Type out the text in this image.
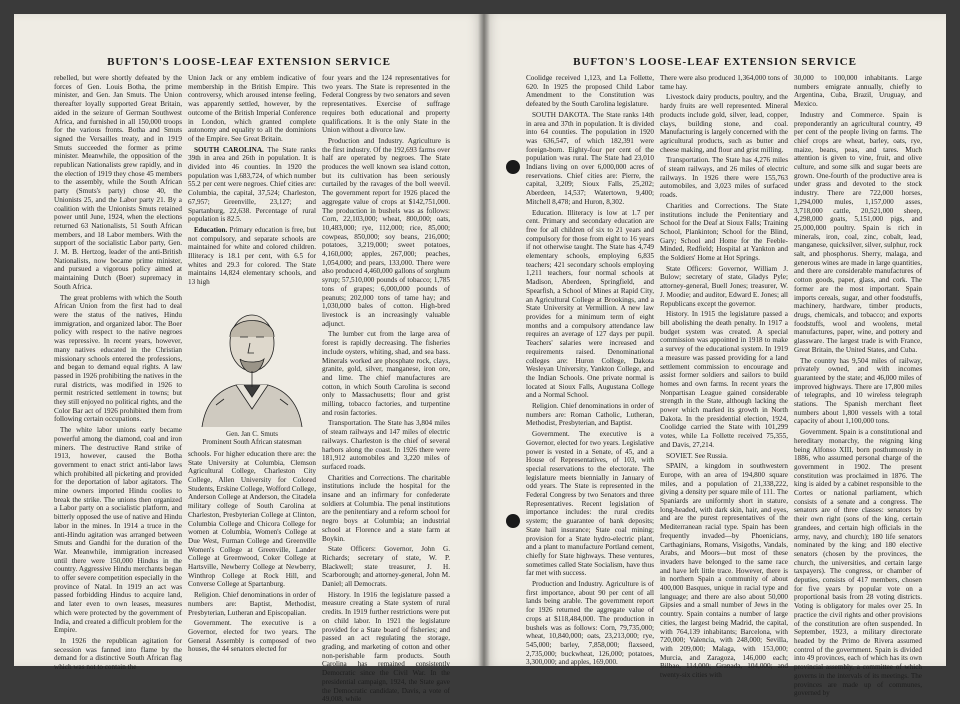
BUFTON'S LOOSE-LEAF EXTENSION SERVICE

rebelled, but were shortly defeated by the forces of Gen. Louis Botha, the prime minister, and Gen. Jan Smuts. The Union thereafter loyally supported Great Britain, aided in the seizure of German Southwest Africa, and furnished in all 150,000 troops for the various fronts. Botha and Smuts signed the Versailles treaty, and in 1919 Smuts succeeded the former as prime minister. Meanwhile, the opposition of the republican Nationalists grew rapidly, and in the election of 1919 they chose 45 members to the assembly, while the South African party (Smuts's party) chose 40, the Unionists 25, and the Labor party 21. By a coalition with the Unionists Smuts retained power until June, 1924, when the elections returned 63 Nationalists, 51 South African members, and 18 Labor members. With the support of the socialistic Labor party, Gen. J. M. B. Hertzog, leader of the anti-British Nationalists, now became prime minister, and pursued a vigorous policy aimed at maintaining Dutch (Boer) supremacy in South Africa.

The great problems with which the South African Union from the first had to deal were the status of the natives, Hindu immigration, and organized labor. The Boer policy with respect to the native negroes was repressive. In recent years, however, many natives educated in the Christian missionary schools entered the professions, and began to demand equal rights. A law passed in 1926 prohibiting the natives in the rural districts, was modified in 1926 to permit restricted settlement in towns; but they still enjoyed no political rights, and the Color Bar act of 1926 prohibited them from following certain occupations.

The white labor unions early became powerful among the diamond, coal and iron miners. The destructive Rand strike of 1913, however, caused the Botha government to enact strict anti-labor laws which prohibited all picketing and provided for the deportation of labor agitators. The mine owners imported Hindu coolies to break the strike. The unions then organized a Labor party on a socialistic platform, and bitterly opposed the use of native and Hindu labor in the mines. In 1914 a truce in the anti-Hindu agitation was arranged between Smuts and Gandhi for the duration of the War. Meanwhile, immigration increased until there were 150,000 Hindus in the country. Aggressive Hindu merchants began to offer severe competition especially in the province of Natal. In 1919 an act was passed forbidding Hindus to acquire land, and later even to own leases, measures which were protected by the government of India, and created a difficult problem for the Empire.

In 1926 the republican agitation for secession was fanned into flame by the demand for a distinctive South African flag which was not to contain the

Union Jack or any emblem indicative of membership in the British Empire. This controversy, which aroused intense feeling, was apparently settled, however, by the outcome of the British Imperial Conference in London, which granted complete autonomy and equality to all the dominions of the Empire. See Great Britain.

SOUTH CAROLINA. The State ranks 39th in area and 26th in population. It is divided into 46 counties. In 1920 the population was 1,683,724, of which number 55.2 per cent were negroes. Chief cities are: Columbia, the capital, 37,524; Charleston, 67,957; Greenville, 23,127; and Spartanburg, 22,638. Percentage of rural population is 82.5.

Education. Primary education is free, but not compulsory, and separate schools are maintained for white and colored children. Illiteracy is 18.1 per cent, with 6.5 for whites and 29.3 for colored. The State maintains 14,824 elementary schools, and 13 high

Gen. Jan C. Smuts
Prominent South African statesman

schools. For higher education there are: the State University at Columbia, Clemson Agricultural College, Charleston City College, Allen University for Colored Students, Erskine College, Wofford College, Anderson College at Anderson, the Citadela military college of South Carolina at Charleston, Presbyterian College at Clinton, Columbia College and Chicora College for women at Columbia, Women's College at Due West, Furman College and Greenville Women's College at Greenville, Lander College at Greenwood, Coker College at Hartsville, Newberry College at Newberry, Winthrop College at Rock Hill, and Converse College at Spartanburg.

Religion. Chief denominations in order of numbers are: Baptist, Methodist, Presbyterian, Lutheran and Episcopalian.

Government. The executive is a Governor, elected for two years. The General Assembly is composed of two houses, the 44 senators elected for

four years and the 124 representatives for two years. The State is represented in the Federal Congress by two senators and seven representatives. Exercise of suffrage requires both educational and property qualifications. It is the only State in the Union without a divorce law.

Production and Industry. Agriculture is the first industry. Of the 192,693 farms over half are operated by negroes. The State produces the well known sea island cotton, but its cultivation has been seriously curtailed by the ravages of the boll weevil. The government report for 1926 placed the aggregate value of crops at $142,751,000. The production in bushels was as follows: Corn, 22,103,000; wheat, 800,000; oats, 10,483,000; rye, 112,000; rice, 85,000; cowpeas, 850,000; soy beans, 216,000; potatoes, 3,219,000; sweet potatoes, 4,160,000; apples, 267,000; peaches, 1,054,000; and pears, 133,000. There were also produced 4,460,000 gallons of sorghum syrup; 57,510,000 pounds of tobacco; 1,785 tons of grapes; 6,000,000 pounds of peanuts; 202,000 tons of tame hay; and 1,030,000 bales of cotton. High-bred livestock is an increasingly valuable adjunct.

The lumber cut from the large area of forest is rapidly decreasing. The fisheries include oysters, whiting, shad, and sea bass. Minerals worked are phosphate rock, clays, granite, gold, silver, manganese, iron ore, and lime. The chief manufactures are cotton, in which South Carolina is second only to Massachusetts; flour and grist milling, tobacco factories, and turpentine and rosin factories.

Transportation. The State has 3,804 miles of steam railways and 147 miles of electric railways. Charleston is the chief of several harbors along the coast. In 1926 there were 181,912 automobiles and 3,220 miles of surfaced roads.

Charities and Corrections. The charitable institutions include the hospital for the insane and an infirmary for confederate soldiers at Columbia. The penal institutions are the penitentiary and a reform school for negro boys at Columbia; an industrial school at Florence and a state farm at Boykin.

State Officers: Governor, John G. Richards; secretary of state, W. P. Blackwell; state treasurer, J. H. Scarborough; and attorney-general, John M. Daniel; all Democrats.

History. In 1916 the legislature passed a measure creating a State system of rural credits. In 1919 further restrictions were put on child labor. In 1921 the legislature provided for a State board of fisheries; and passed an act regulating the storage, grading, and marketing of cotton and other non-perishable farm products. South Carolina has remained consistently Democratic since the Civil War. In the presidential campaign, 1924, the State gave the Democratic candidate, Davis, a vote of 49,008, while

BUFTON'S LOOSE-LEAF EXTENSION SERVICE

Coolidge received 1,123, and La Follette, 620. In 1925 the proposed Child Labor Amendment to the Constitution was defeated by the South Carolina legislature.

SOUTH DAKOTA. The State ranks 14th in area and 37th in population. It is divided into 64 counties. The population in 1920 was 636,547, of which 182,391 were foreign-born. Eighty-four per cent of the population was rural. The State had 23,010 Indians living on over 6,000,000 acres of reservations. Chief cities are: Pierre, the capital, 3,209; Sioux Falls, 25,202; Aberdeen, 14,537; Watertown, 9,400; Mitchell 8,478; and Huron, 8,302.

Education. Illiteracy is low at 1.7 per cent. Primary and secondary education are free for all children of six to 21 years and compulsory for those from eight to 16 years if not otherwise taught. The State has 4,749 elementary schools, employing 6,835 teachers; 421 secondary schools employing 1,211 teachers, four normal schools at Madison, Aberdeen, Springfield, and Spearfish, a School of Mines at Rapid City, an Agricultural College at Brookings, and a State University at Vermillion. A new law provides for a minimum term of eight months and a compulsory attendance law requires an average of 127 days per pupil. Teachers' salaries were increased and requirements raised. Denominational colleges are: Huron College, Dakota Wesleyan University, Yankton College, and the Indian Schools. One private normal is located at Sioux Falls, Augustana College and a Normal School.

Religion. Chief denominations in order of numbers are: Roman Catholic, Lutheran, Methodist, Presbyterian, and Baptist.

Government. The executive is a Governor, elected for two years. Legislative power is vested in a Senate, of 45, and a House of Representatives, of 103, with special reservations to the electorate. The legislature meets biennially in January of odd years. The State is represented in the Federal Congress by two Senators and three Representatives. Recent legislation of importance includes: the rural credits system; the guarantee of bank deposits; State hail insurance; State coal mining; provision for a State hydro-electric plant, and a plant to manufacture Portland cement, chiefly for State highways. These ventures, sometimes called State Socialism, have thus far met with success.

Production and Industry. Agriculture is of first importance, about 90 per cent of all lands being arable. The government report for 1926 returned the aggregate value of crops at $118,484,000. The production in bushels was as follows: Corn, 79,735,000; wheat, 10,840,000; oats, 23,213,000; rye, 545,000; barley, 7,858,000; flaxseed, 2,735,000; buckwheat, 126,000; potatoes, 3,300,000; and apples, 169,000.

There were also produced 1,364,000 tons of tame hay.

Livestock dairy products, poultry, and the hardy fruits are well represented. Mineral products include gold, silver, lead, copper, clays, building stone, and coal. Manufacturing is largely concerned with the agricultural products, such as butter and cheese making, and flour and grist milling.

Transportation. The State has 4,276 miles of steam railways, and 26 miles of electric railways. In 1926 there were 155,763 automobiles, and 3,023 miles of surfaced roads.

Charities and Corrections. The State institutions include the Penitentiary and School for the Deaf at Sioux Falls; Training School, Plankinton; School for the Blind, Gary; School and Home for the Feeble-Minded, Redfield; Hospital at Yankton and the Soldiers' Home at Hot Springs.

State Officers: Governor, William J. Bulow; secretary of state, Gladys Pyle; attorney-general, Buell Jones; treasurer, W. J. Moodie; and auditor, Edward E. Jones; all Republicans except the governor.

History. In 1915 the legislature passed a bill abolishing the death penalty. In 1917 a budget system was created. A special commission was appointed in 1918 to make a survey of the educational system. In 1919 a measure was passed providing for a land settlement commission to encourage and assist former soldiers and sailors to build homes and own farms. In recent years the Nonpartisan League gained considerable strength in the State, although lacking the power which marked its growth in North Dakota. In the presidential election, 1924, Coolidge carried the State with 101,299 votes, while La Follette received 75,355, and Davis, 27,214.

SOVIET. See Russia.

SPAIN, a kingdom in southwestern Europe, with an area of 194,800 square miles, and a population of 21,338,222, giving a density per square mile of 111. The Spaniards are uniformly short in stature, long-headed, with dark skin, hair, and eyes, and are the purest representatives of the Mediterranean racial type. Spain has been frequently invaded—by Phoenicians, Carthaginians, Romans, Visigoths, Vandals, Arabs, and Moors—but most of these invaders have belonged to the same race and have left little trace. However, there is in northern Spain a community of about 400,000 Basques, unique in racial type and language; and there are also about 50,000 Gipsies and a small number of Jews in the country. Spain contains a number of large cities, the largest being Madrid, the capital, with 764,139 inhabitants; Barcelona, with 720,000; Valencia, with 248,000; Sevilla, with 209,000; Malaga, with 153,000; Murcia, and Zaragoza, 146,000 each; Bilbao, 114,000; Granada, 104,000; and twenty-six cities with

30,000 to 100,000 inhabitants. Large numbers emigrate annually, chiefly to Argentina, Cuba, Brazil, Uruguay, and Mexico.

Industry and Commerce. Spain is preponderantly an agricultural country, 49 per cent of the people living on farms. The chief crops are wheat, barley, oats, rye, maize, beans, peas, and tares. Much attention is given to vine, fruit, and olive culture, and some silk and sugar beets are grown. One-fourth of the productive area is under grass and devoted to the stock industry. There are 722,000 horses, 1,294,000 mules, 1,157,000 asses, 3,718,000 cattle, 20,521,000 sheep, 4,298,000 goats, 5,151,000 pigs, and 25,000,000 poultry. Spain is rich in minerals, iron, coal, zinc, cobalt, lead, manganese, quicksilver, silver, sulphur, rock salt, and phosphorus. Sherry, malaga, and generous wines are made in large quantities, and there are considerable manufactures of cotton goods, paper, glass, and cork. The former are the most important. Spain imports cereals, sugar, and other foodstuffs, machinery, hardware, timber products, drugs, chemicals, and tobacco; and exports foodstuffs, wool and woolens, metal manufactures, paper, wine, and pottery and glassware. The largest trade is with France, Great Britain, the United States, and Cuba.

The country has 9,504 miles of railway, privately owned, and with incomes guaranteed by the state; and 46,000 miles of improved highways. There are 17,800 miles of telegraphs, and 10 wireless telegraph stations. The Spanish merchant fleet numbers about 1,800 vessels with a total capacity of about 1,100,000 tons.

Government. Spain is a constitutional and hereditary monarchy, the reigning king being Alfonso XIII, born posthumously in 1886, who assumed personal charge of the government in 1902. The present constitution was proclaimed in 1876. The king is aided by a cabinet responsible to the Cortes or national parliament, which consists of a senate and a congress. The senators are of three classes: senators by their own right (sons of the king, certain grandees, and certain high officials in the army, navy, and church); 180 life senators nominated by the king; and 180 elective senators (chosen by the provinces, the church, the universities, and certain large taxpayers). The congress, or chamber of deputies, consists of 417 members, chosen for five years by popular vote on a proportional basis from 28 voting districts. Voting is obligatory for males over 25. In practice the civil rights and other provisions of the constitution are often suspended. In September, 1923, a military directorate headed by the Primo de Rivera assumed control of the government. Spain is divided into 49 provinces, each of which has its own provincial assembly, a committee of which governs in the intervals of its meetings. The provinces are made up of communes, governed by
